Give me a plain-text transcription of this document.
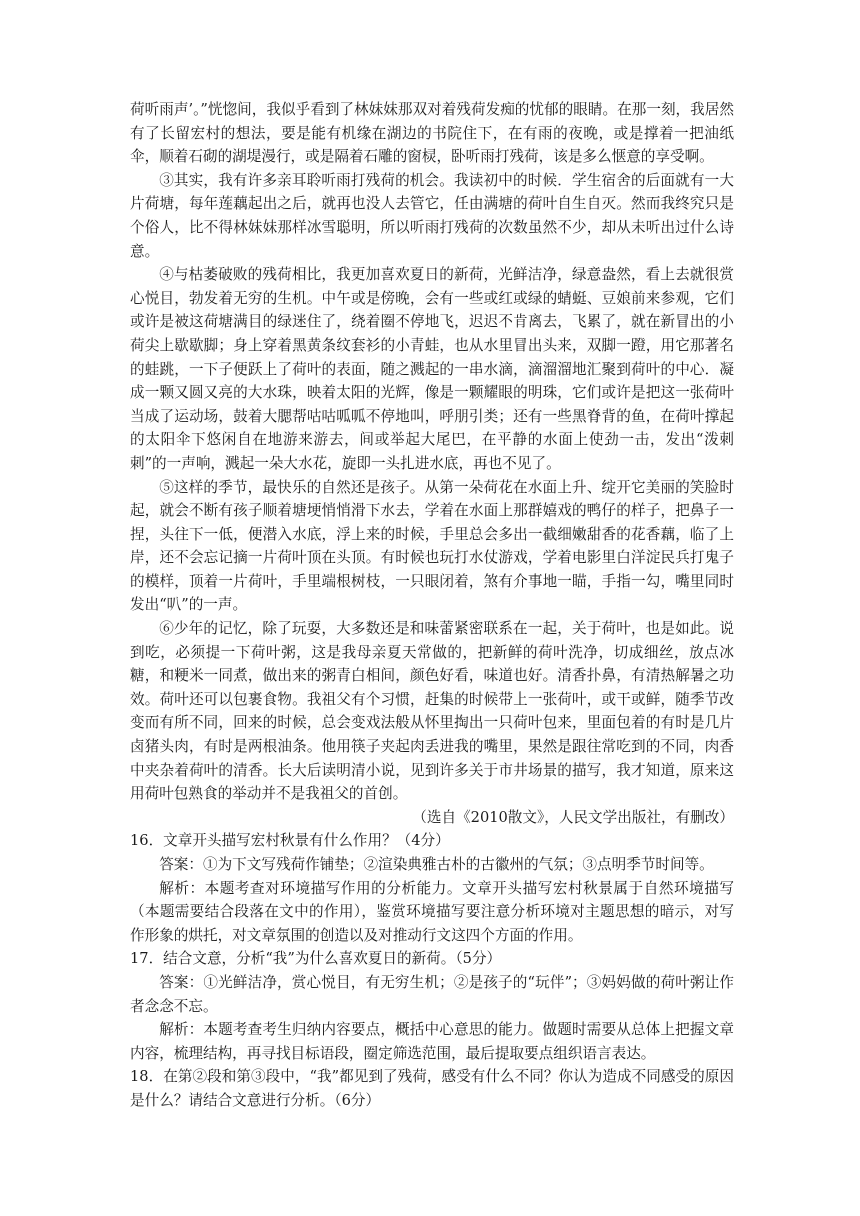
荷听雨声’。”恍惚间，我似乎看到了林妹妹那双对着残荷发痴的忧郁的眼睛。在那一刻，我居然有了长留宏村的想法，要是能有机缘在湖边的书院住下，在有雨的夜晚，或是撑着一把油纸伞，顺着石砌的湖堤漫行，或是隔着石雕的窗棂，卧听雨打残荷，该是多么惬意的享受啊。

③其实，我有许多亲耳聆听雨打残荷的机会。我读初中的时候．学生宿舍的后面就有一大片荷塘，每年莲藕起出之后，就再也没人去管它，任由满塘的荷叶自生自灭。然而我终究只是个俗人，比不得林妹妹那样冰雪聪明，所以听雨打残荷的次数虽然不少，却从未听出过什么诗意。

④与枯萎破败的残荷相比，我更加喜欢夏日的新荷，光鲜洁净，绿意盎然，看上去就很赏心悦目，勃发着无穷的生机。中午或是傍晚，会有一些或红或绿的蜻蜓、豆娘前来参观，它们或许是被这荷塘满目的绿迷住了，绕着圈不停地飞，迟迟不肯离去，飞累了，就在新冒出的小荷尖上歇歇脚；身上穿着黑黄条纹套衫的小青蛙，也从水里冒出头来，双脚一蹬，用它那著名的蛙跳，一下子便跃上了荷叶的表面，随之溅起的一串水滴，滴溜溜地汇聚到荷叶的中心．凝成一颗又圆又亮的大水珠，映着太阳的光辉，像是一颗耀眼的明珠，它们或许是把这一张荷叶当成了运动场，鼓着大腮帮咕咕呱呱不停地叫，呼朋引类；还有一些黑脊背的鱼，在荷叶撑起的太阳伞下悠闲自在地游来游去，间或举起大尾巴，在平静的水面上使劲一击，发出“泼刺刺”的一声响，溅起一朵大水花，旋即一头扎进水底，再也不见了。

⑤这样的季节，最快乐的自然还是孩子。从第一朵荷花在水面上升、绽开它美丽的笑脸时起，就会不断有孩子顺着塘埂悄悄滑下水去，学着在水面上那群嬉戏的鸭仔的样子，把鼻子一捏，头往下一低，便潜入水底，浮上来的时候，手里总会多出一截细嫩甜香的花香藕，临了上岸，还不会忘记摘一片荷叶顶在头顶。有时候也玩打水仗游戏，学着电影里白洋淀民兵打鬼子的模样，顶着一片荷叶，手里端根树枝，一只眼闭着，煞有介事地一瞄，手指一勾，嘴里同时发出“叭”的一声。

⑥少年的记忆，除了玩耍，大多数还是和味蕾紧密联系在一起，关于荷叶，也是如此。说到吃，必须提一下荷叶粥，这是我母亲夏天常做的，把新鲜的荷叶洗净，切成细丝，放点冰糖，和粳米一同煮，做出来的粥青白相间，颜色好看，味道也好。清香扑鼻，有清热解暑之功效。荷叶还可以包裹食物。我祖父有个习惯，赶集的时候带上一张荷叶，或干或鲜，随季节改变而有所不同，回来的时候，总会变戏法般从怀里掏出一只荷叶包来，里面包着的有时是几片卤猪头肉，有时是两根油条。他用筷子夹起肉丢进我的嘴里，果然是跟往常吃到的不同，肉香中夹杂着荷叶的清香。长大后读明清小说，见到许多关于市井场景的描写，我才知道，原来这用荷叶包熟食的举动并不是我祖父的首创。

（选自《2010散文》，人民文学出版社，有删改）

16．文章开头描写宏村秋景有什么作用？（4分）

答案：①为下文写残荷作铺垫；②渲染典雅古朴的古徽州的气氛；③点明季节时间等。

解析：本题考查对环境描写作用的分析能力。文章开头描写宏村秋景属于自然环境描写（本题需要结合段落在文中的作用），鉴赏环境描写要注意分析环境对主题思想的暗示，对写作形象的烘托，对文章氛围的创造以及对推动行文这四个方面的作用。

17．结合文意，分析“我”为什么喜欢夏日的新荷。（5分）

答案：①光鲜洁净，赏心悦目，有无穷生机；②是孩子的“玩伴”；③妈妈做的荷叶粥让作者念念不忘。

解析：本题考查考生归纳内容要点，概括中心意思的能力。做题时需要从总体上把握文章内容，梳理结构，再寻找目标语段，圈定筛选范围，最后提取要点组织语言表达。

18．在第②段和第③段中，“我”都见到了残荷，感受有什么不同？你认为造成不同感受的原因是什么？请结合文意进行分析。（6分）
